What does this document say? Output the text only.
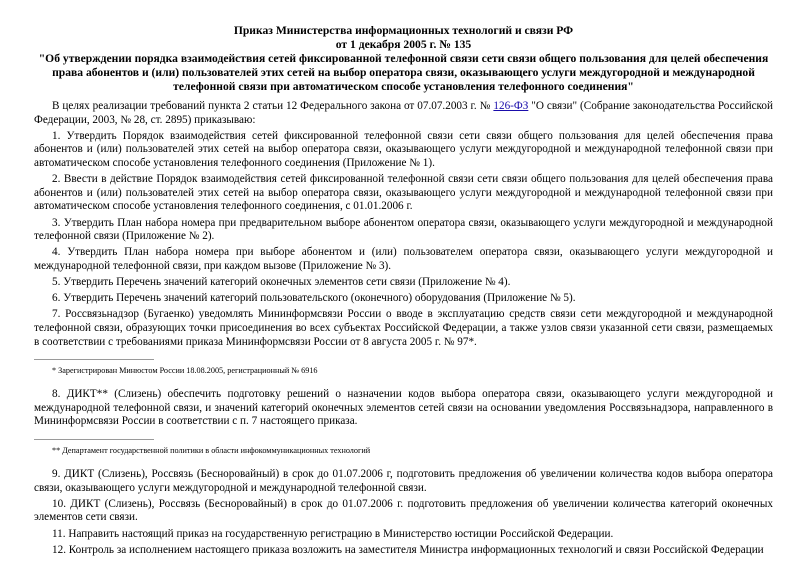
Приказ Министерства информационных технологий и связи РФ
от 1 декабря 2005 г. № 135
"Об утверждении порядка взаимодействия сетей фиксированной телефонной связи сети связи общего пользования для целей обеспечения
права абонентов и (или) пользователей этих сетей на выбор оператора связи, оказывающего услуги междугородной и международной
телефонной связи при автоматическом способе установления телефонного соединения"

В целях реализации требований пункта 2 статьи 12 Федерального закона от 07.07.2003 г. № 126-ФЗ "О связи" (Собрание законодательства Российской Федерации, 2003, № 28, ст. 2895) приказываю:

1. Утвердить Порядок взаимодействия сетей фиксированной телефонной связи сети связи общего пользования для целей обеспечения права абонентов и (или) пользователей этих сетей на выбор оператора связи, оказывающего услуги междугородной и международной телефонной связи при автоматическом способе установления телефонного соединения (Приложение № 1).

2. Ввести в действие Порядок взаимодействия сетей фиксированной телефонной связи сети связи общего пользования для целей обеспечения права абонентов и (или) пользователей этих сетей на выбор оператора связи, оказывающего услуги междугородной и международной телефонной связи при автоматическом способе установления телефонного соединения, с 01.01.2006 г.

3. Утвердить План набора номера при предварительном выборе абонентом оператора связи, оказывающего услуги междугородной и международной телефонной связи (Приложение № 2).

4. Утвердить План набора номера при выборе абонентом и (или) пользователем оператора связи, оказывающего услуги междугородной и международной телефонной связи, при каждом вызове (Приложение № 3).

5. Утвердить Перечень значений категорий оконечных элементов сети связи (Приложение № 4).

6. Утвердить Перечень значений категорий пользовательского (оконечного) оборудования (Приложение № 5).

7. Россвязьнадзор (Бугаенко) уведомлять Мининформсвязи России о вводе в эксплуатацию средств связи сети междугородной и международной телефонной связи, образующих точки присоединения во всех субъектах Российской Федерации, а также узлов связи указанной сети связи, размещаемых в соответствии с требованиями приказа Мининформсвязи России от 8 августа 2005 г. № 97*.

* Зарегистрирован Минюстом России 18.08.2005, регистрационный № 6916

8. ДИКТ** (Слизень) обеспечить подготовку решений о назначении кодов выбора оператора связи, оказывающего услуги междугородной и международной телефонной связи, и значений категорий оконечных элементов сетей связи на основании уведомления Россвязьнадзора, направленного в Мининформсвязи России в соответствии с п. 7 настоящего приказа.

** Департамент государственной политики в области инфокоммуникационных технологий

9. ДИКТ (Слизень), Россвязь (Бесноровайный) в срок до 01.07.2006 г, подготовить предложения об увеличении количества кодов выбора оператора связи, оказывающего услуги междугородной и международной телефонной связи.

10. ДИКТ (Слизень), Россвязь (Бесноровайный) в срок до 01.07.2006 г. подготовить предложения об увеличении количества категорий оконечных элементов сети связи.

11. Направить настоящий приказ на государственную регистрацию в Министерство юстиции Российской Федерации.

12. Контроль за исполнением настоящего приказа возложить на заместителя Министра информационных технологий и связи Российской Федерации
